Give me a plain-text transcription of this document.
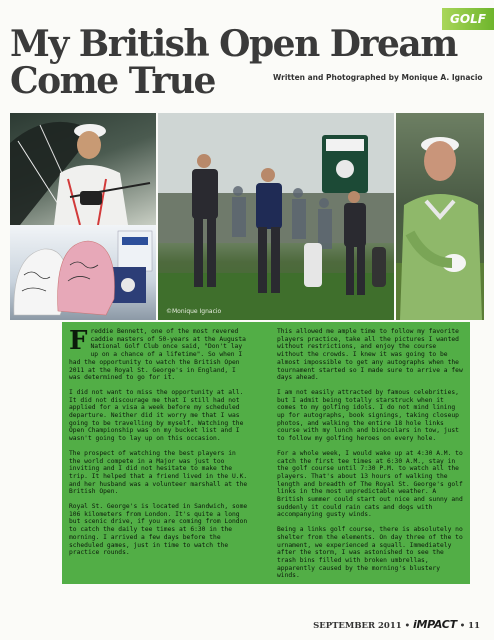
GOLF
My British Open Dream Come True	Written and Photographed by Monique A. Ignacio
©Monique Ignacio

Freddie Bennett, one of the most revered caddie masters of 50-years at the Augusta National Golf Club once said, "Don't lay up on a chance of a lifetime". So when I had the opportunity to watch the British Open 2011 at the Royal St. George's in England, I was determined to go for it.

I did not want to miss the opportunity at all. It did not discourage me that I still had not applied for a visa a week before my scheduled departure. Neither did it worry me that I was going to be travelling by myself. Watching the Open Championship was on my bucket list and I wasn't going to lay up on this occasion.

The prospect of watching the best players in the world compete in a Major was just too inviting and I did not hesitate to make the trip. It helped that a friend lived in the U.K. and her husband was a volunteer marshall at the British Open.

Royal St. George's is located in Sandwich, some 106 kilometers from London. It's quite a long but scenic drive, if you are coming from London to catch the daily tee times at 6:30 in the morning. I arrived a few days before the scheduled games, just in time to watch the practice rounds.

This allowed me ample time to follow my favorite players practice, take all the pictures I wanted without restrictions, and enjoy the course without the crowds. I knew it was going to be almost impossible to get any autographs when the tournament started so I made sure to arrive a few days ahead.

I am not easily attracted by famous celebrities, but I admit being totally starstruck when it comes to my golfing idols. I do not mind lining up for autographs, book signings, taking closeup photos, and walking the entire 18 hole links course with my lunch and binoculars in tow, just to follow my golfing heroes on every hole.

For a whole week, I would wake up at 4:30 A.M. to catch the first tee times at 6:30 A.M., stay in the golf course until 7:30 P.M. to watch all the players. That's about 13 hours of walking the length and breadth of The Royal St. George's golf links in the most unpredictable weather. A British summer could start out nice and sunny and suddenly it could rain cats and dogs with accompanying gusty winds.

Being a links golf course, there is absolutely no shelter from the elements. On day three of the to urnament, we experienced a squall. Immediately after the storm, I was astonished to see the trash bins filled with broken umbrellas, apparently caused by the morning's blustery winds.

SEPTEMBER 2011 • iMPACT • 11
